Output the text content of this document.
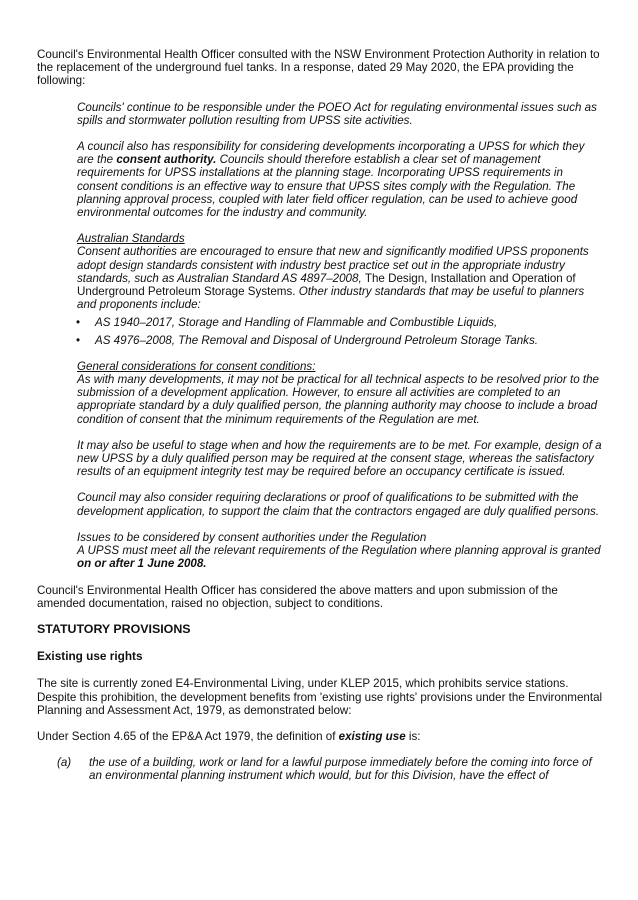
Council's Environmental Health Officer consulted with the NSW Environment Protection Authority in relation to the replacement of the underground fuel tanks. In a response, dated 29 May 2020, the EPA providing the following:

Councils' continue to be responsible under the POEO Act for regulating environmental issues such as spills and stormwater pollution resulting from UPSS site activities.

A council also has responsibility for considering developments incorporating a UPSS for which they are the consent authority. Councils should therefore establish a clear set of management requirements for UPSS installations at the planning stage. Incorporating UPSS requirements in consent conditions is an effective way to ensure that UPSS sites comply with the Regulation. The planning approval process, coupled with later field officer regulation, can be used to achieve good environmental outcomes for the industry and community.

Australian Standards

Consent authorities are encouraged to ensure that new and significantly modified UPSS proponents adopt design standards consistent with industry best practice set out in the appropriate industry standards, such as Australian Standard AS 4897–2008, The Design, Installation and Operation of Underground Petroleum Storage Systems. Other industry standards that may be useful to planners and proponents include:

• AS 1940–2017, Storage and Handling of Flammable and Combustible Liquids,
• AS 4976–2008, The Removal and Disposal of Underground Petroleum Storage Tanks.

General considerations for consent conditions:

As with many developments, it may not be practical for all technical aspects to be resolved prior to the submission of a development application. However, to ensure all activities are completed to an appropriate standard by a duly qualified person, the planning authority may choose to include a broad condition of consent that the minimum requirements of the Regulation are met.

It may also be useful to stage when and how the requirements are to be met. For example, design of a new UPSS by a duly qualified person may be required at the consent stage, whereas the satisfactory results of an equipment integrity test may be required before an occupancy certificate is issued.

Council may also consider requiring declarations or proof of qualifications to be submitted with the development application, to support the claim that the contractors engaged are duly qualified persons.

Issues to be considered by consent authorities under the Regulation

A UPSS must meet all the relevant requirements of the Regulation where planning approval is granted on or after 1 June 2008.

Council's Environmental Health Officer has considered the above matters and upon submission of the amended documentation, raised no objection, subject to conditions.

STATUTORY PROVISIONS
Existing use rights

The site is currently zoned E4-Environmental Living, under KLEP 2015, which prohibits service stations. Despite this prohibition, the development benefits from 'existing use rights' provisions under the Environmental Planning and Assessment Act, 1979, as demonstrated below:

Under Section 4.65 of the EP&A Act 1979, the definition of existing use is:

(a)	the use of a building, work or land for a lawful purpose immediately before the coming into force of an environmental planning instrument which would, but for this Division, have the effect of
